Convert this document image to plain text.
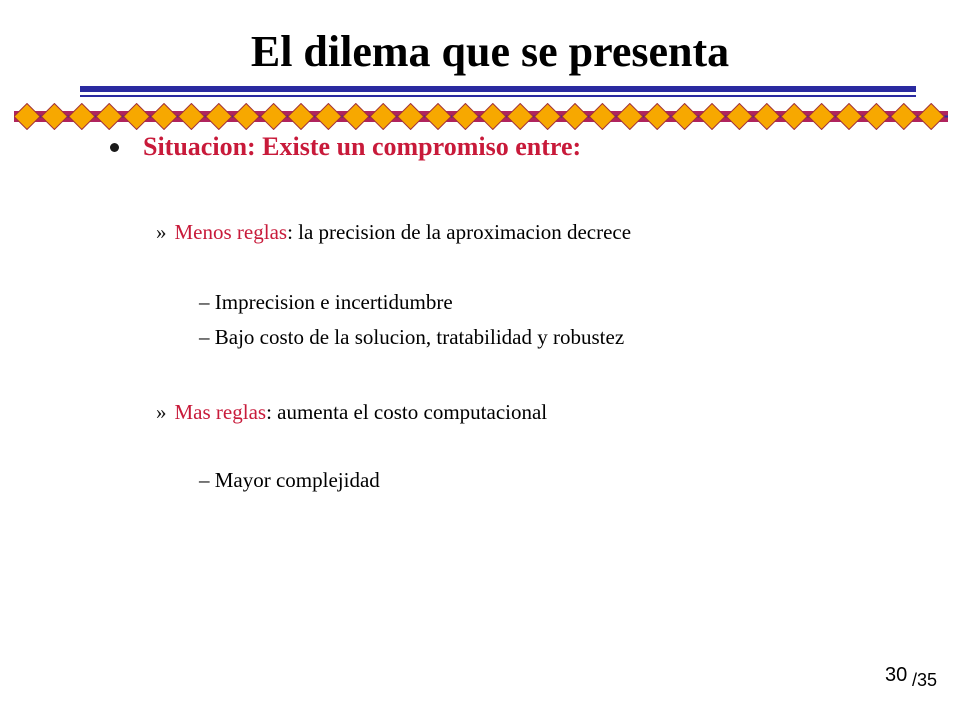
El dilema que se presenta
Situacion: Existe un compromiso entre:
» Menos reglas: la precision de la aproximacion decrece
– Imprecision e incertidumbre
– Bajo costo de la solucion, tratabilidad y robustez
» Mas reglas: aumenta el costo computacional
– Mayor complejidad
30 /35
